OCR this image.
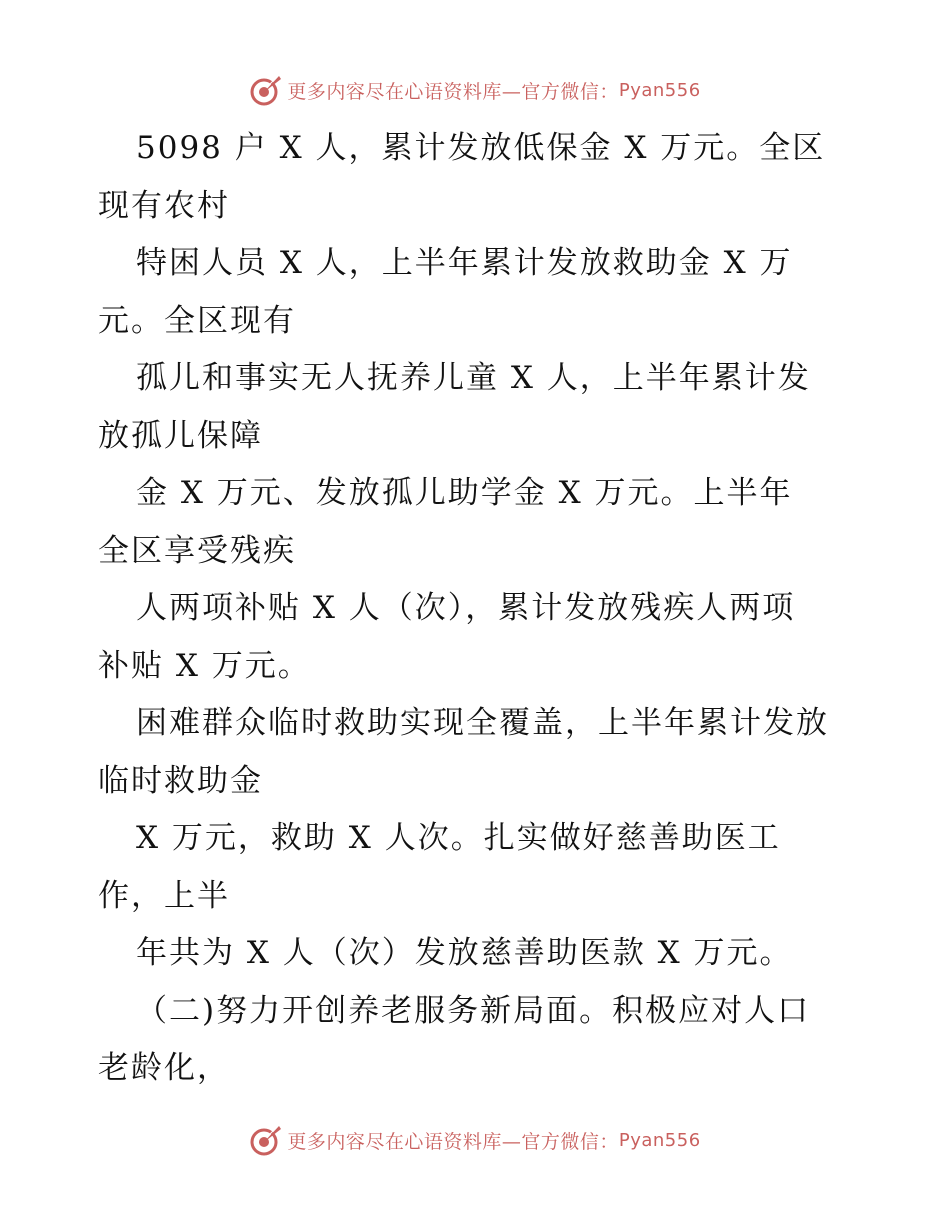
更多内容尽在心语资料库—官方微信： Pyan556
5098 户 X 人，累计发放低保金 X 万元。全区
现有农村
特困人员 X 人，上半年累计发放救助金 X 万
元。全区现有
孤儿和事实无人抚养儿童 X 人，上半年累计发
放孤儿保障
金 X 万元、发放孤儿助学金 X 万元。上半年
全区享受残疾
人两项补贴 X 人（次），累计发放残疾人两项
补贴 X 万元。
困难群众临时救助实现全覆盖，上半年累计发放
临时救助金
X 万元，救助 X 人次。扎实做好慈善助医工
作，上半
年共为 X 人（次）发放慈善助医款 X 万元。
（二)努力开创养老服务新局面。积极应对人口
老龄化，
更多内容尽在心语资料库—官方微信： Pyan556
